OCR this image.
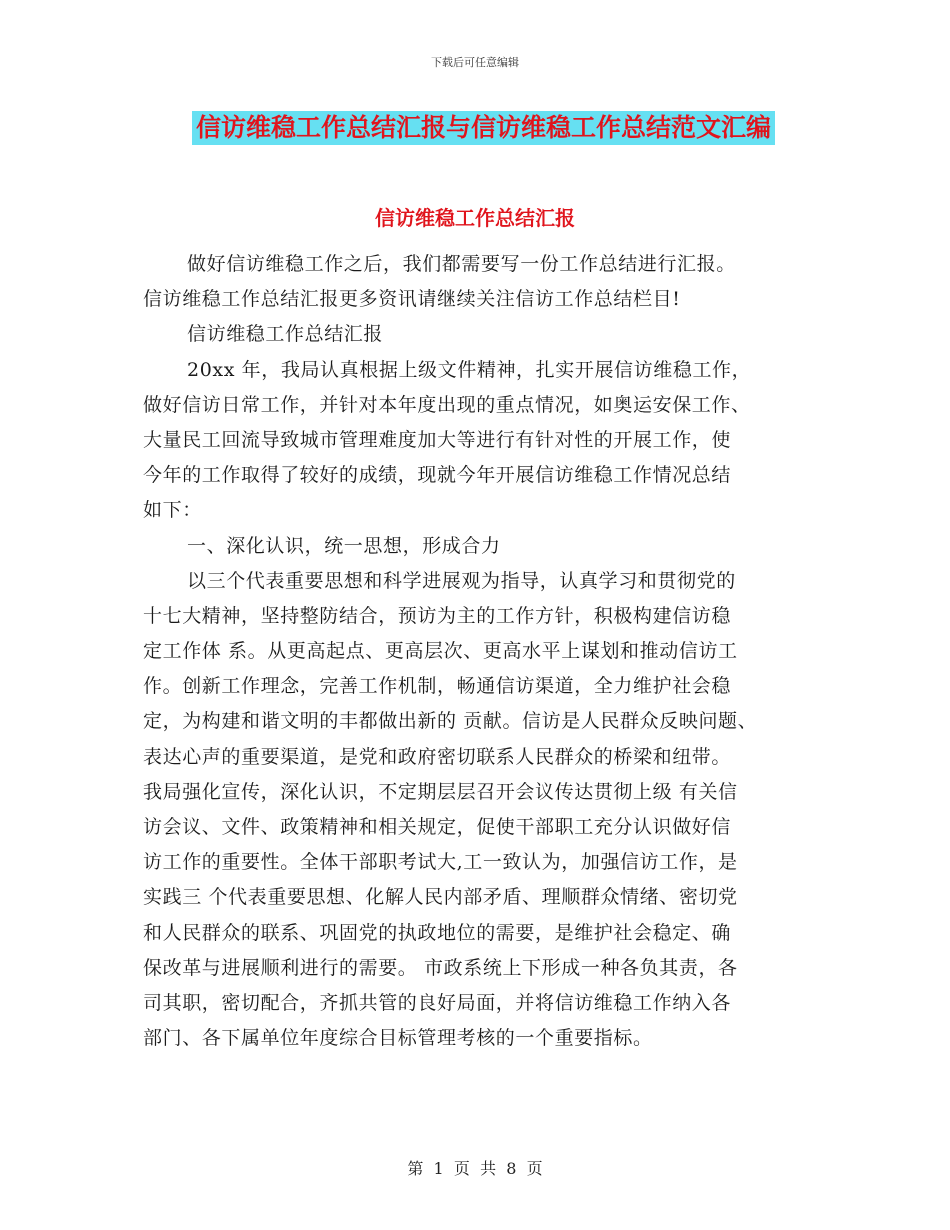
下载后可任意编辑
信访维稳工作总结汇报与信访维稳工作总结范文汇编
信访维稳工作总结汇报
做好信访维稳工作之后，我们都需要写一份工作总结进行汇报。
信访维稳工作总结汇报更多资讯请继续关注信访工作总结栏目!
信访维稳工作总结汇报
20xx 年，我局认真根据上级文件精神，扎实开展信访维稳工作，
做好信访日常工作，并针对本年度出现的重点情况，如奥运安保工作、
大量民工回流导致城市管理难度加大等进行有针对性的开展工作，使
今年的工作取得了较好的成绩，现就今年开展信访维稳工作情况总结
如下：
一、深化认识，统一思想，形成合力
以三个代表重要思想和科学进展观为指导，认真学习和贯彻党的
十七大精神，坚持整防结合，预访为主的工作方针，积极构建信访稳
定工作体 系。从更高起点、更高层次、更高水平上谋划和推动信访工
作。创新工作理念，完善工作机制，畅通信访渠道，全力维护社会稳
定，为构建和谐文明的丰都做出新的 贡献。信访是人民群众反映问题、
表达心声的重要渠道，是党和政府密切联系人民群众的桥梁和纽带。
我局强化宣传，深化认识，不定期层层召开会议传达贯彻上级 有关信
访会议、文件、政策精神和相关规定，促使干部职工充分认识做好信
访工作的重要性。全体干部职考试大,工一致认为，加强信访工作，是
实践三 个代表重要思想、化解人民内部矛盾、理顺群众情绪、密切党
和人民群众的联系、巩固党的执政地位的需要，是维护社会稳定、确
保改革与进展顺利进行的需要。 市政系统上下形成一种各负其责，各
司其职，密切配合，齐抓共管的良好局面，并将信访维稳工作纳入各
部门、各下属单位年度综合目标管理考核的一个重要指标。
第  1  页  共  8  页
